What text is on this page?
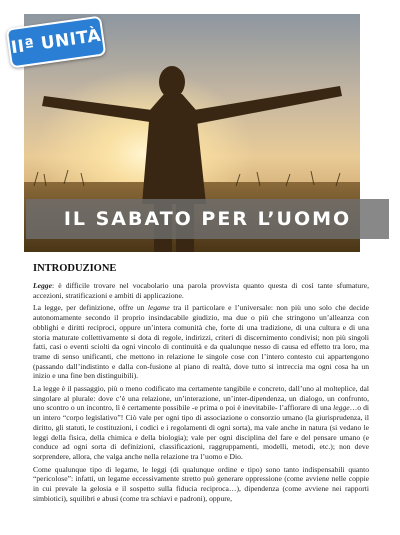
IIª UNITÀ
IL SABATO PER L’UOMO
INTRODUZIONE

Legge: è difficile trovare nel vocabolario una parola provvista quanto questa di così tante sfumature, accezioni, stratificazioni e ambiti di applicazione.

La legge, per definizione, offre un legame tra il particolare e l’universale: non più uno solo che decide autonomamente secondo il proprio insindacabile giudizio, ma due o più che stringono un’alleanza con obblighi e diritti reciproci, oppure un’intera comunità che, forte di una tradizione, di una cultura e di una storia maturate collettivamente si dota di regole, indirizzi, criteri di discernimento condivisi; non più singoli fatti, casi o eventi sciolti da ogni vincolo di continuità e da qualunque nesso di causa ed effetto tra loro, ma trame di senso unificanti, che mettono in relazione le singole cose con l’intero contesto cui appartengono (passando dall’indistinto e dalla con-fusione al piano di realtà, dove tutto si intreccia ma ogni cosa ha un inizio e una fine ben distinguibili).

La legge è il passaggio, più o meno codificato ma certamente tangibile e concreto, dall’uno al molteplice, dal singolare al plurale: dove c’è una relazione, un’interazione, un’inter-dipendenza, un dialogo, un confronto, uno scontro o un incontro, lì è certamente possibile -e prima o poi è inevitabile- l’affiorare di una legge…o di un intero “corpo legislativo”! Ciò vale per ogni tipo di associazione o consorzio umano (la giurisprudenza, il diritto, gli statuti, le costituzioni, i codici e i regolamenti di ogni sorta), ma vale anche in natura (si vedano le leggi della fisica, della chimica e della biologia); vale per ogni disciplina del fare e del pensare umano (e conduce ad ogni sorta di definizioni, classificazioni, raggruppamenti, modelli, metodi, etc.); non deve sorprendere, allora, che valga anche nella relazione tra l’uomo e Dio.

Come qualunque tipo di legame, le leggi (di qualunque ordine e tipo) sono tanto indispensabili quanto “pericolose”: infatti, un legame eccessivamente stretto può generare oppressione (come avviene nelle coppie in cui prevale la gelosia e il sospetto sulla fiducia reciproca…), dipendenza (come avviene nei rapporti simbiotici), squilibri e abusi (come tra schiavi e padroni), oppure,
